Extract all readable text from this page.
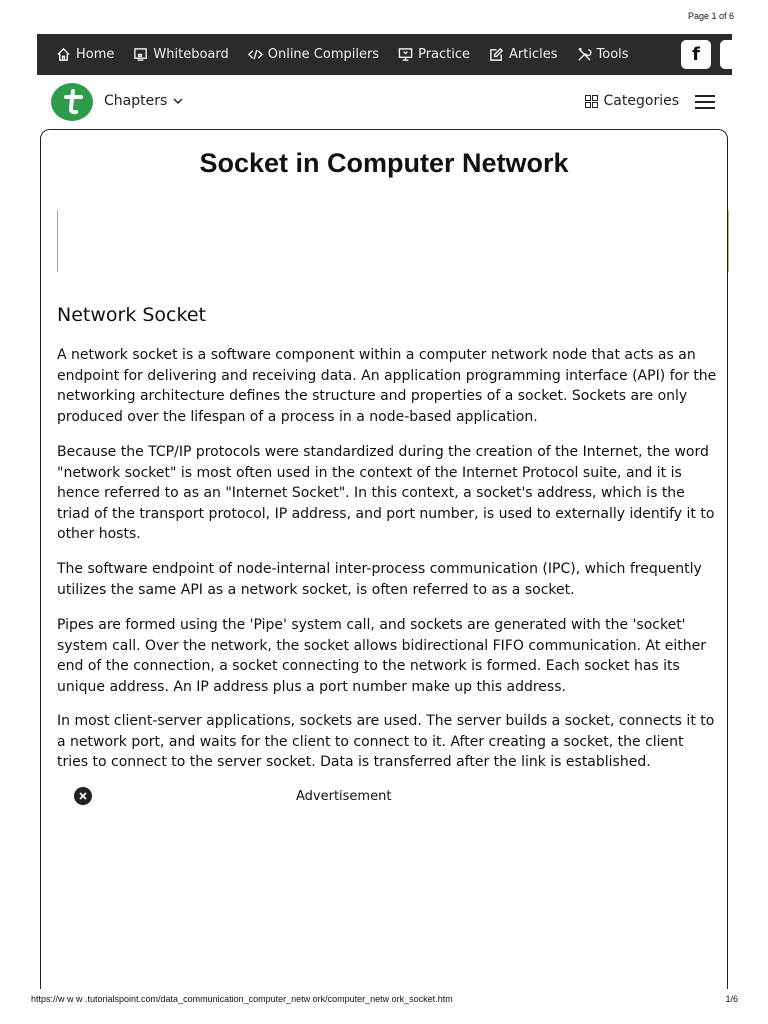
Page 1 of 6
Home	Whiteboard	Online Compilers	Practice	Articles	Tools	f
Chapters	Categories
Socket in Computer Network
Network Socket

A network socket is a software component within a computer network node that acts as an endpoint for delivering and receiving data. An application programming interface (API) for the networking architecture defines the structure and properties of a socket. Sockets are only produced over the lifespan of a process in a node-based application.

Because the TCP/IP protocols were standardized during the creation of the Internet, the word "network socket" is most often used in the context of the Internet Protocol suite, and it is hence referred to as an "Internet Socket". In this context, a socket's address, which is the triad of the transport protocol, IP address, and port number, is used to externally identify it to other hosts.

The software endpoint of node-internal inter-process communication (IPC), which frequently utilizes the same API as a network socket, is often referred to as a socket.

Pipes are formed using the 'Pipe' system call, and sockets are generated with the 'socket' system call. Over the network, the socket allows bidirectional FIFO communication. At either end of the connection, a socket connecting to the network is formed. Each socket has its unique address. An IP address plus a port number make up this address.

In most client-server applications, sockets are used. The server builds a socket, connects it to a network port, and waits for the client to connect to it. After creating a socket, the client tries to connect to the server socket. Data is transferred after the link is established.

Advertisement
https://w w w .tutorialspoint.com/data_communication_computer_netw ork/computer_netw ork_socket.htm	1/6
